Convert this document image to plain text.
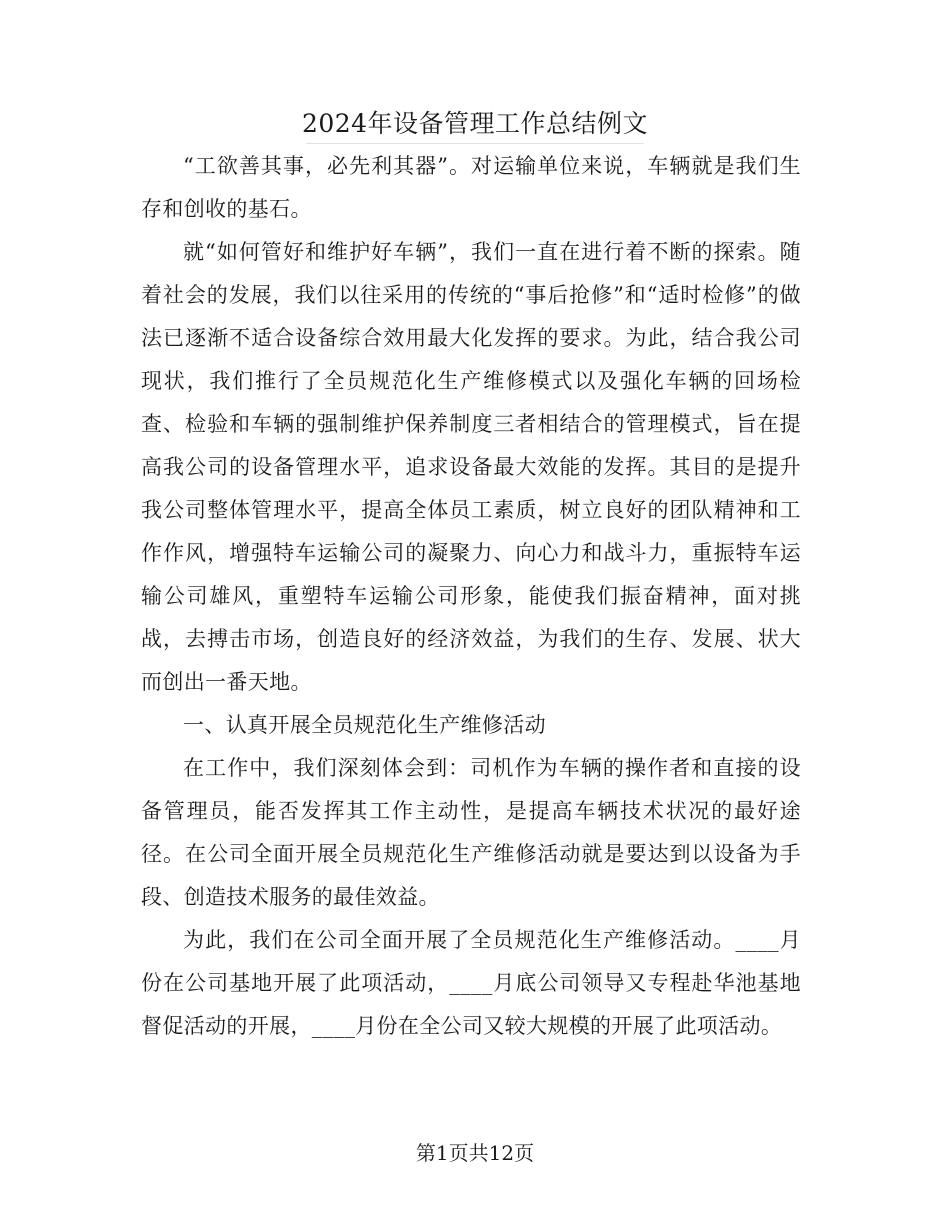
2024年设备管理工作总结例文

“工欲善其事，必先利其器”。对运输单位来说，车辆就是我们生存和创收的基石。

就“如何管好和维护好车辆”，我们一直在进行着不断的探索。随着社会的发展，我们以往采用的传统的“事后抢修”和“适时检修”的做法已逐渐不适合设备综合效用最大化发挥的要求。为此，结合我公司现状，我们推行了全员规范化生产维修模式以及强化车辆的回场检查、检验和车辆的强制维护保养制度三者相结合的管理模式，旨在提高我公司的设备管理水平，追求设备最大效能的发挥。其目的是提升我公司整体管理水平，提高全体员工素质，树立良好的团队精神和工作作风，增强特车运输公司的凝聚力、向心力和战斗力，重振特车运输公司雄风，重塑特车运输公司形象，能使我们振奋精神，面对挑战，去搏击市场，创造良好的经济效益，为我们的生存、发展、状大而创出一番天地。

一、认真开展全员规范化生产维修活动

在工作中，我们深刻体会到：司机作为车辆的操作者和直接的设备管理员，能否发挥其工作主动性，是提高车辆技术状况的最好途径。在公司全面开展全员规范化生产维修活动就是要达到以设备为手段、创造技术服务的最佳效益。

为此，我们在公司全面开展了全员规范化生产维修活动。____月份在公司基地开展了此项活动，____月底公司领导又专程赴华池基地督促活动的开展，____月份在全公司又较大规模的开展了此项活动。

第1页共12页
